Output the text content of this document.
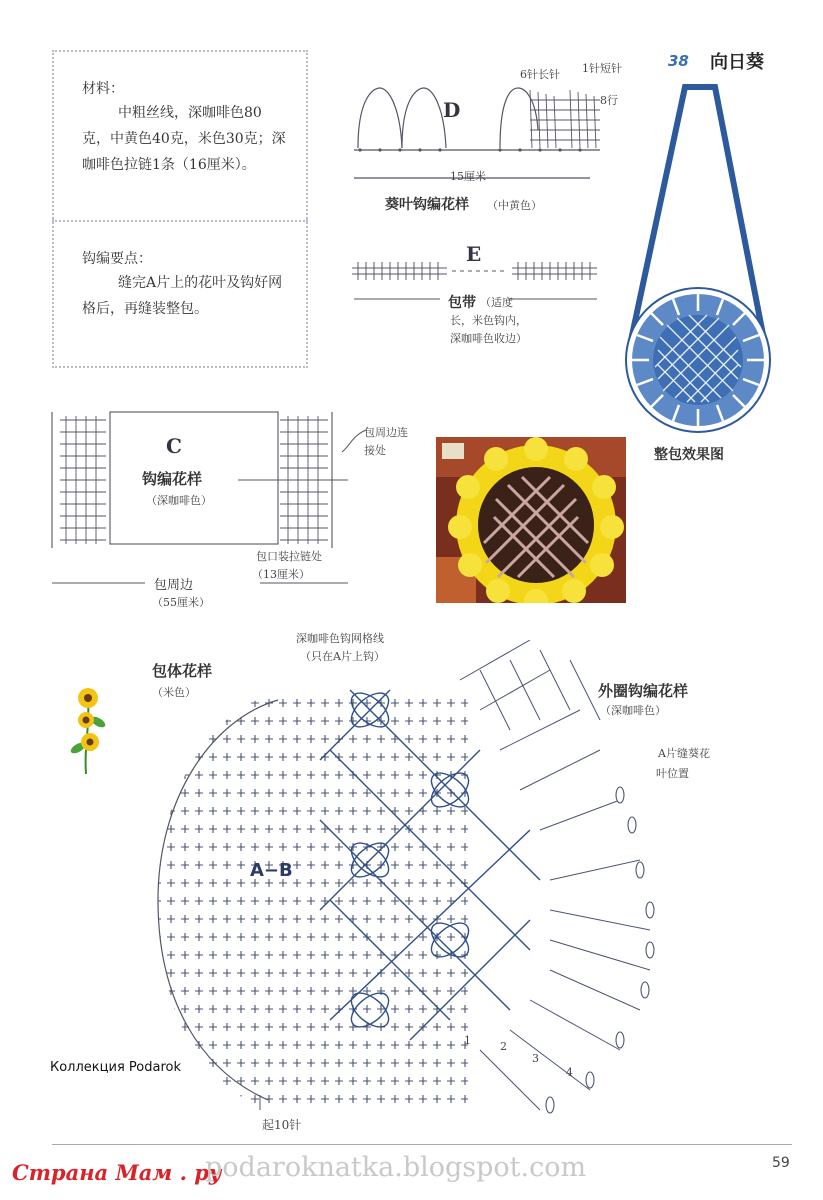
材料：
中粗丝线，深咖啡色80克，中黄色40克，米色30克；深咖啡色拉链1条（16厘米）。
钩编要点：
缝完A片上的花叶及钩好网格后，再缝装整包。
38 向日葵
D
6针长针 1针短针
8行
15厘米
葵叶钩编花样 （中黄色）
E
包带 （适度长，米色钩内，深咖啡色收边）
整包效果图
C
钩编花样
（深咖啡色）
包周边连接处
包口装拉链处（13厘米）
包周边
（55厘米）
包体花样
（米色）
深咖啡色钩网格线
（只在A片上钩）
外圈钩编花样
（深咖啡色）
A片缝葵花叶位置
A−B
1	2
3
4
起10针
Коллекция Podarok
Страна Мам . ру
podaroknatka.blogspot.com	59
